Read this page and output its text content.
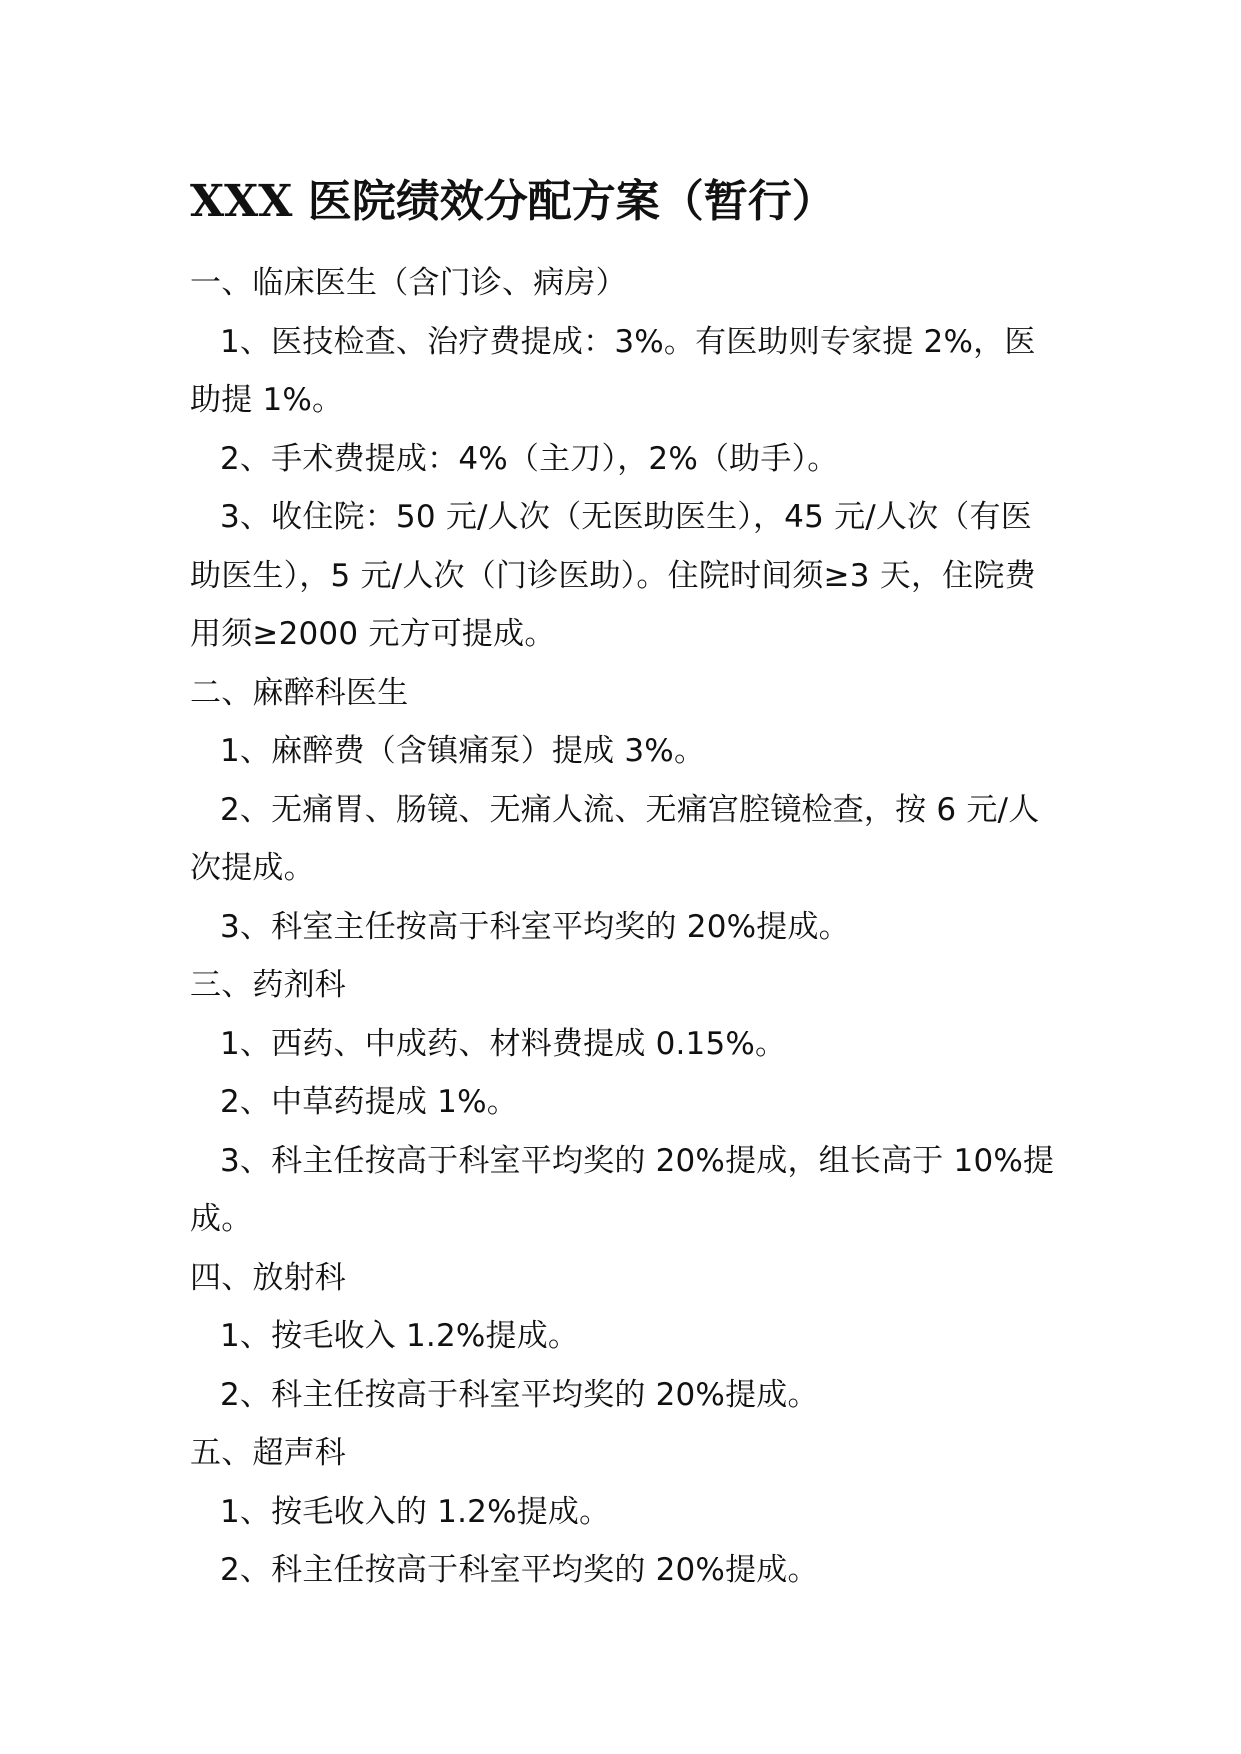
XXX 医院绩效分配方案（暂行）

一、临床医生（含门诊、病房）

1、医技检查、治疗费提成：3%。有医助则专家提 2%，医助提 1%。

2、手术费提成：4%（主刀），2%（助手）。

3、收住院：50 元/人次（无医助医生），45 元/人次（有医助医生），5 元/人次（门诊医助）。住院时间须≥3 天，住院费用须≥2000 元方可提成。

二、麻醉科医生

1、麻醉费（含镇痛泵）提成 3%。

2、无痛胃、肠镜、无痛人流、无痛宫腔镜检查，按 6 元/人次提成。

3、科室主任按高于科室平均奖的 20%提成。

三、药剂科

1、西药、中成药、材料费提成 0.15%。

2、中草药提成 1%。

3、科主任按高于科室平均奖的 20%提成，组长高于 10%提成。

四、放射科

1、按毛收入 1.2%提成。

2、科主任按高于科室平均奖的 20%提成。

五、超声科

1、按毛收入的 1.2%提成。

2、科主任按高于科室平均奖的 20%提成。
